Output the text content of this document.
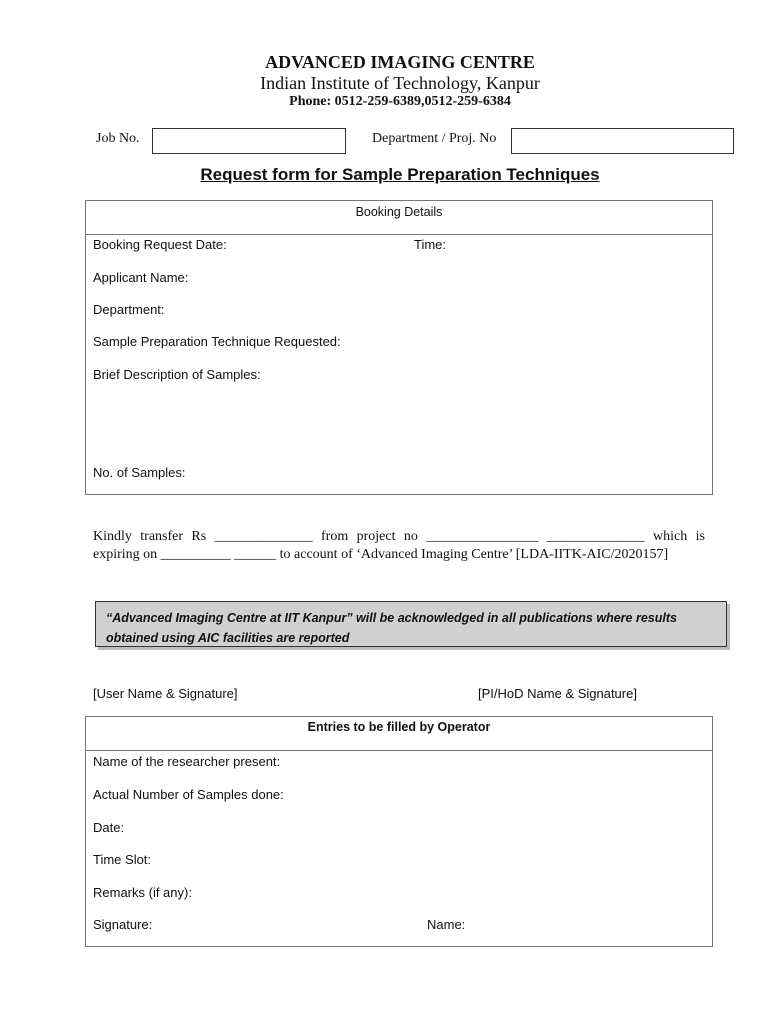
ADVANCED IMAGING CENTRE
Indian Institute of Technology, Kanpur
Phone: 0512-259-6389,0512-259-6384
Job No.	Department / Proj. No
Request form for Sample Preparation Techniques
Booking Details
Booking Request Date:	Time:
Applicant Name:
Department:
Sample Preparation Technique Requested:
Brief Description of Samples:
No. of Samples:
Kindly transfer Rs ______________ from project no ________________ ______________ which is expiring on __________ ______ to account of ‘Advanced Imaging Centre’ [LDA-IITK-AIC/2020157]
“Advanced Imaging Centre at IIT Kanpur” will be acknowledged in all publications where results obtained using AIC facilities are reported
[User Name & Signature]	[PI/HoD Name & Signature]
Entries to be filled by Operator
Name of the researcher present:
Actual Number of Samples done:
Date:
Time Slot:
Remarks (if any):
Signature:	Name:
